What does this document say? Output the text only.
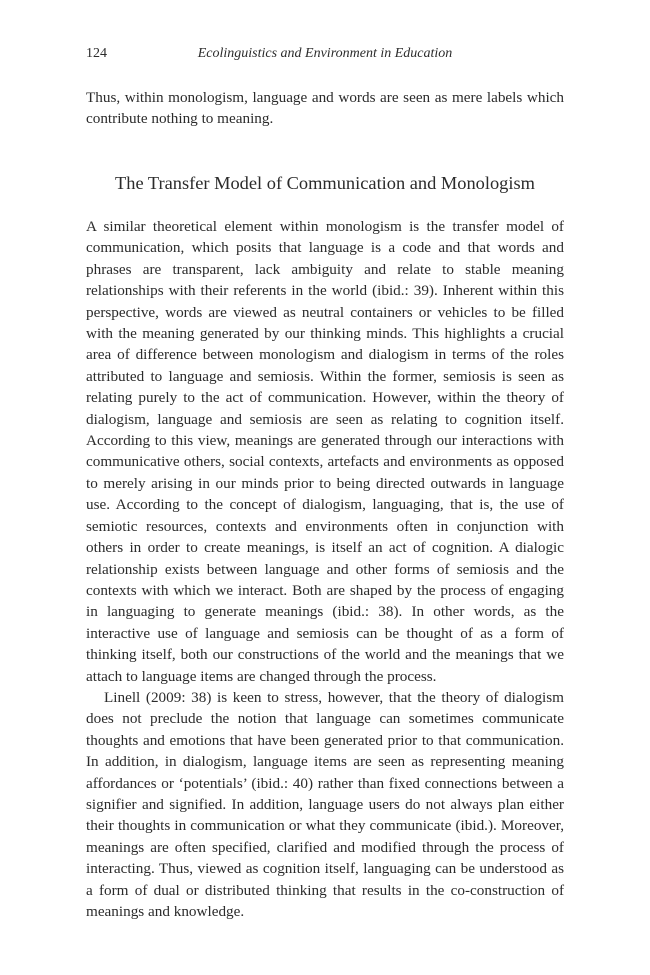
124	Ecolinguistics and Environment in Education

Thus, within monologism, language and words are seen as mere labels which contribute nothing to meaning.

The Transfer Model of Communication and Monologism

A similar theoretical element within monologism is the transfer model of communication, which posits that language is a code and that words and phrases are transparent, lack ambiguity and relate to stable meaning relationships with their referents in the world (ibid.: 39). Inherent within this perspective, words are viewed as neutral containers or vehicles to be filled with the meaning generated by our thinking minds. This highlights a crucial area of difference between monologism and dialogism in terms of the roles attributed to language and semiosis. Within the former, semiosis is seen as relating purely to the act of communication. However, within the theory of dialogism, language and semiosis are seen as relating to cognition itself. According to this view, meanings are generated through our interactions with communicative others, social contexts, artefacts and environments as opposed to merely arising in our minds prior to being directed outwards in language use. According to the concept of dialogism, languaging, that is, the use of semiotic resources, contexts and environments often in conjunction with others in order to create meanings, is itself an act of cognition. A dialogic relationship exists between language and other forms of semiosis and the contexts with which we interact. Both are shaped by the process of engaging in languaging to generate meanings (ibid.: 38). In other words, as the interactive use of language and semiosis can be thought of as a form of thinking itself, both our constructions of the world and the meanings that we attach to language items are changed through the process.

Linell (2009: 38) is keen to stress, however, that the theory of dialogism does not preclude the notion that language can sometimes communicate thoughts and emotions that have been generated prior to that communication. In addition, in dialogism, language items are seen as representing meaning affordances or ‘potentials’ (ibid.: 40) rather than fixed connections between a signifier and signified. In addition, language users do not always plan either their thoughts in communication or what they communicate (ibid.). Moreover, meanings are often specified, clarified and modified through the process of interacting. Thus, viewed as cognition itself, languaging can be understood as a form of dual or distributed thinking that results in the co-construction of meanings and knowledge.
